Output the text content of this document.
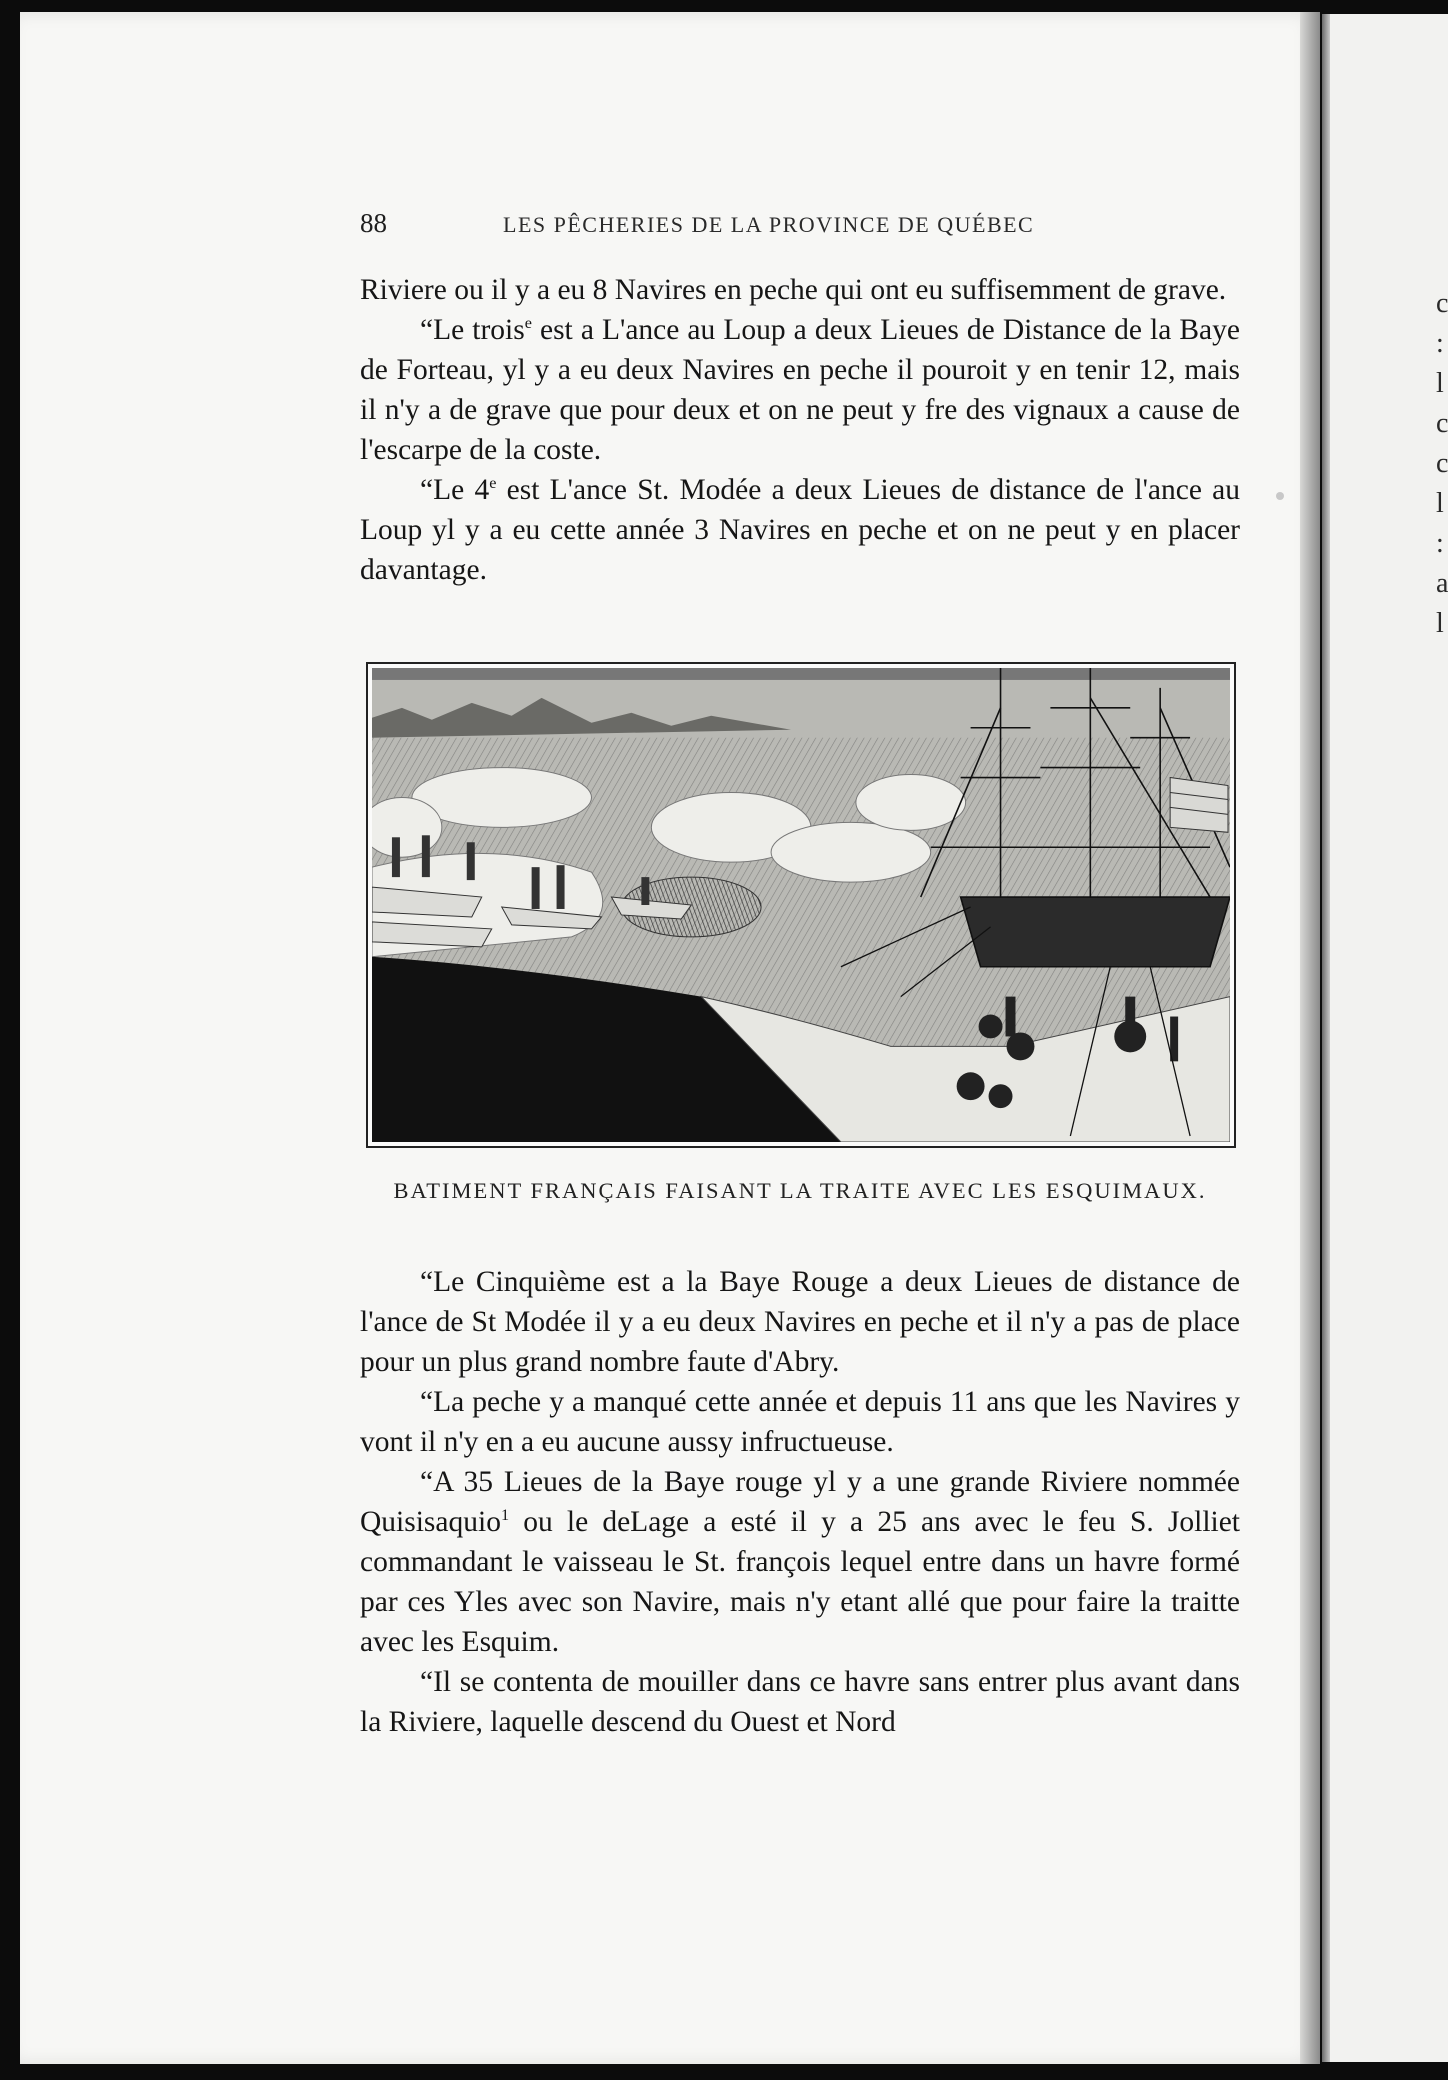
c
:
l
c
c
l
:
a
l
88	LES PÊCHERIES DE LA PROVINCE DE QUÉBEC

Riviere ou il y a eu 8 Navires en peche qui ont eu suffisemment de grave.

“Le trois$^e$ est a L'ance au Loup a deux Lieues de Distance de la Baye de Forteau, yl y a eu deux Navires en peche il pouroit y en tenir 12, mais il n'y a de grave que pour deux et on ne peut y fre des vignaux a cause de l'escarpe de la coste.

“Le 4e est L'ance St. Modée a deux Lieues de distance de l'ance au Loup yl y a eu cette année 3 Navires en peche et on ne peut y en placer davantage.

BATIMENT FRANÇAIS FAISANT LA TRAITE AVEC LES ESQUIMAUX.

“Le Cinquième est a la Baye Rouge a deux Lieues de distance de l'ance de St Modée il y a eu deux Navires en peche et il n'y a pas de place pour un plus grand nombre faute d'Abry.

“La peche y a manqué cette année et depuis 11 ans que les Navires y vont il n'y en a eu aucune aussy infructueuse.

“A 35 Lieues de la Baye rouge yl y a une grande Riviere nommée Quisisaquio$^1$ ou le deLage a esté il y a 25 ans avec le feu S. Jolliet commandant le vaisseau le St. françois lequel entre dans un havre formé par ces Yles avec son Navire, mais n'y etant allé que pour faire la traitte avec les Esquim.

“Il se contenta de mouiller dans ce havre sans entrer plus avant dans la Riviere, laquelle descend du Ouest et Nord
